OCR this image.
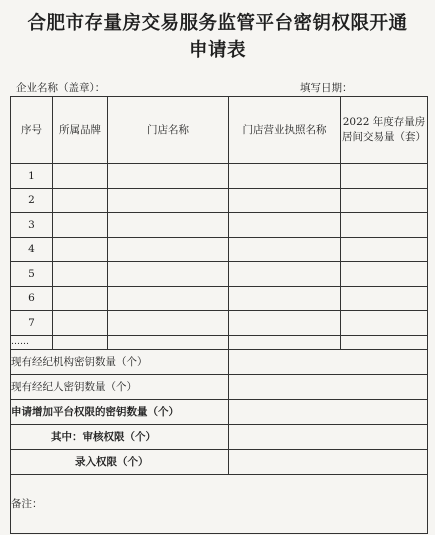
合肥市存量房交易服务监管平台密钥权限开通
申请表
企业名称（盖章）：	填写日期：
序号	所属品牌	门店名称	门店营业执照名称	2022 年度存量房居间交易量（套）
1				
2				
3				
4				
5				
6				
7				
……				
现有经纪机构密钥数量（个）				
现有经纪人密钥数量（个）				
申请增加平台权限的密钥数量（个）				
其中：审核权限（个）				
录入权限（个）				
备注：				
